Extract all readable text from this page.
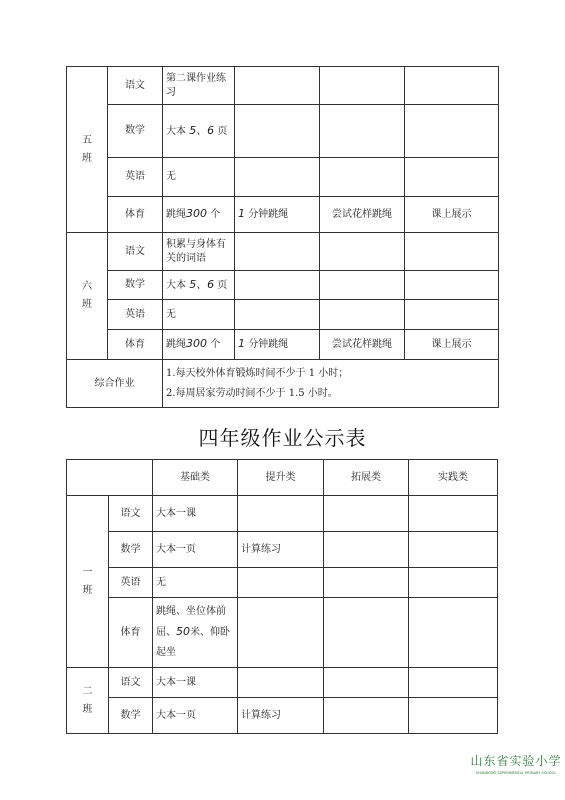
五
班	语文	第二课作业练习			
	数学	大本 5、6 页			
	英语	无			
	体育	跳绳300 个	1 分钟跳绳	尝试花样跳绳	课上展示
六
班	语文	积累与身体有关的词语			
	数学	大本 5、6 页			
	英语	无			
	体育	跳绳300 个	1 分钟跳绳	尝试花样跳绳	课上展示
综合作业		1.每天校外体育锻炼时间不少于 1 小时；

2.每周居家劳动时间不少于 1.5 小时。			

四年级作业公示表
		基础类	提升类	拓展类	实践类
一
班	语文	大本一课			
	数学	大本一页	计算练习		
	英语	无			
	体育	跳绳、坐位体前屈、50米、仰卧起坐			
二
班	语文	大本一课			
	数学	大本一页	计算练习		
山东省实验小学
SHANDONG EXPERIMENTAL PRIMARY SCHOOL
